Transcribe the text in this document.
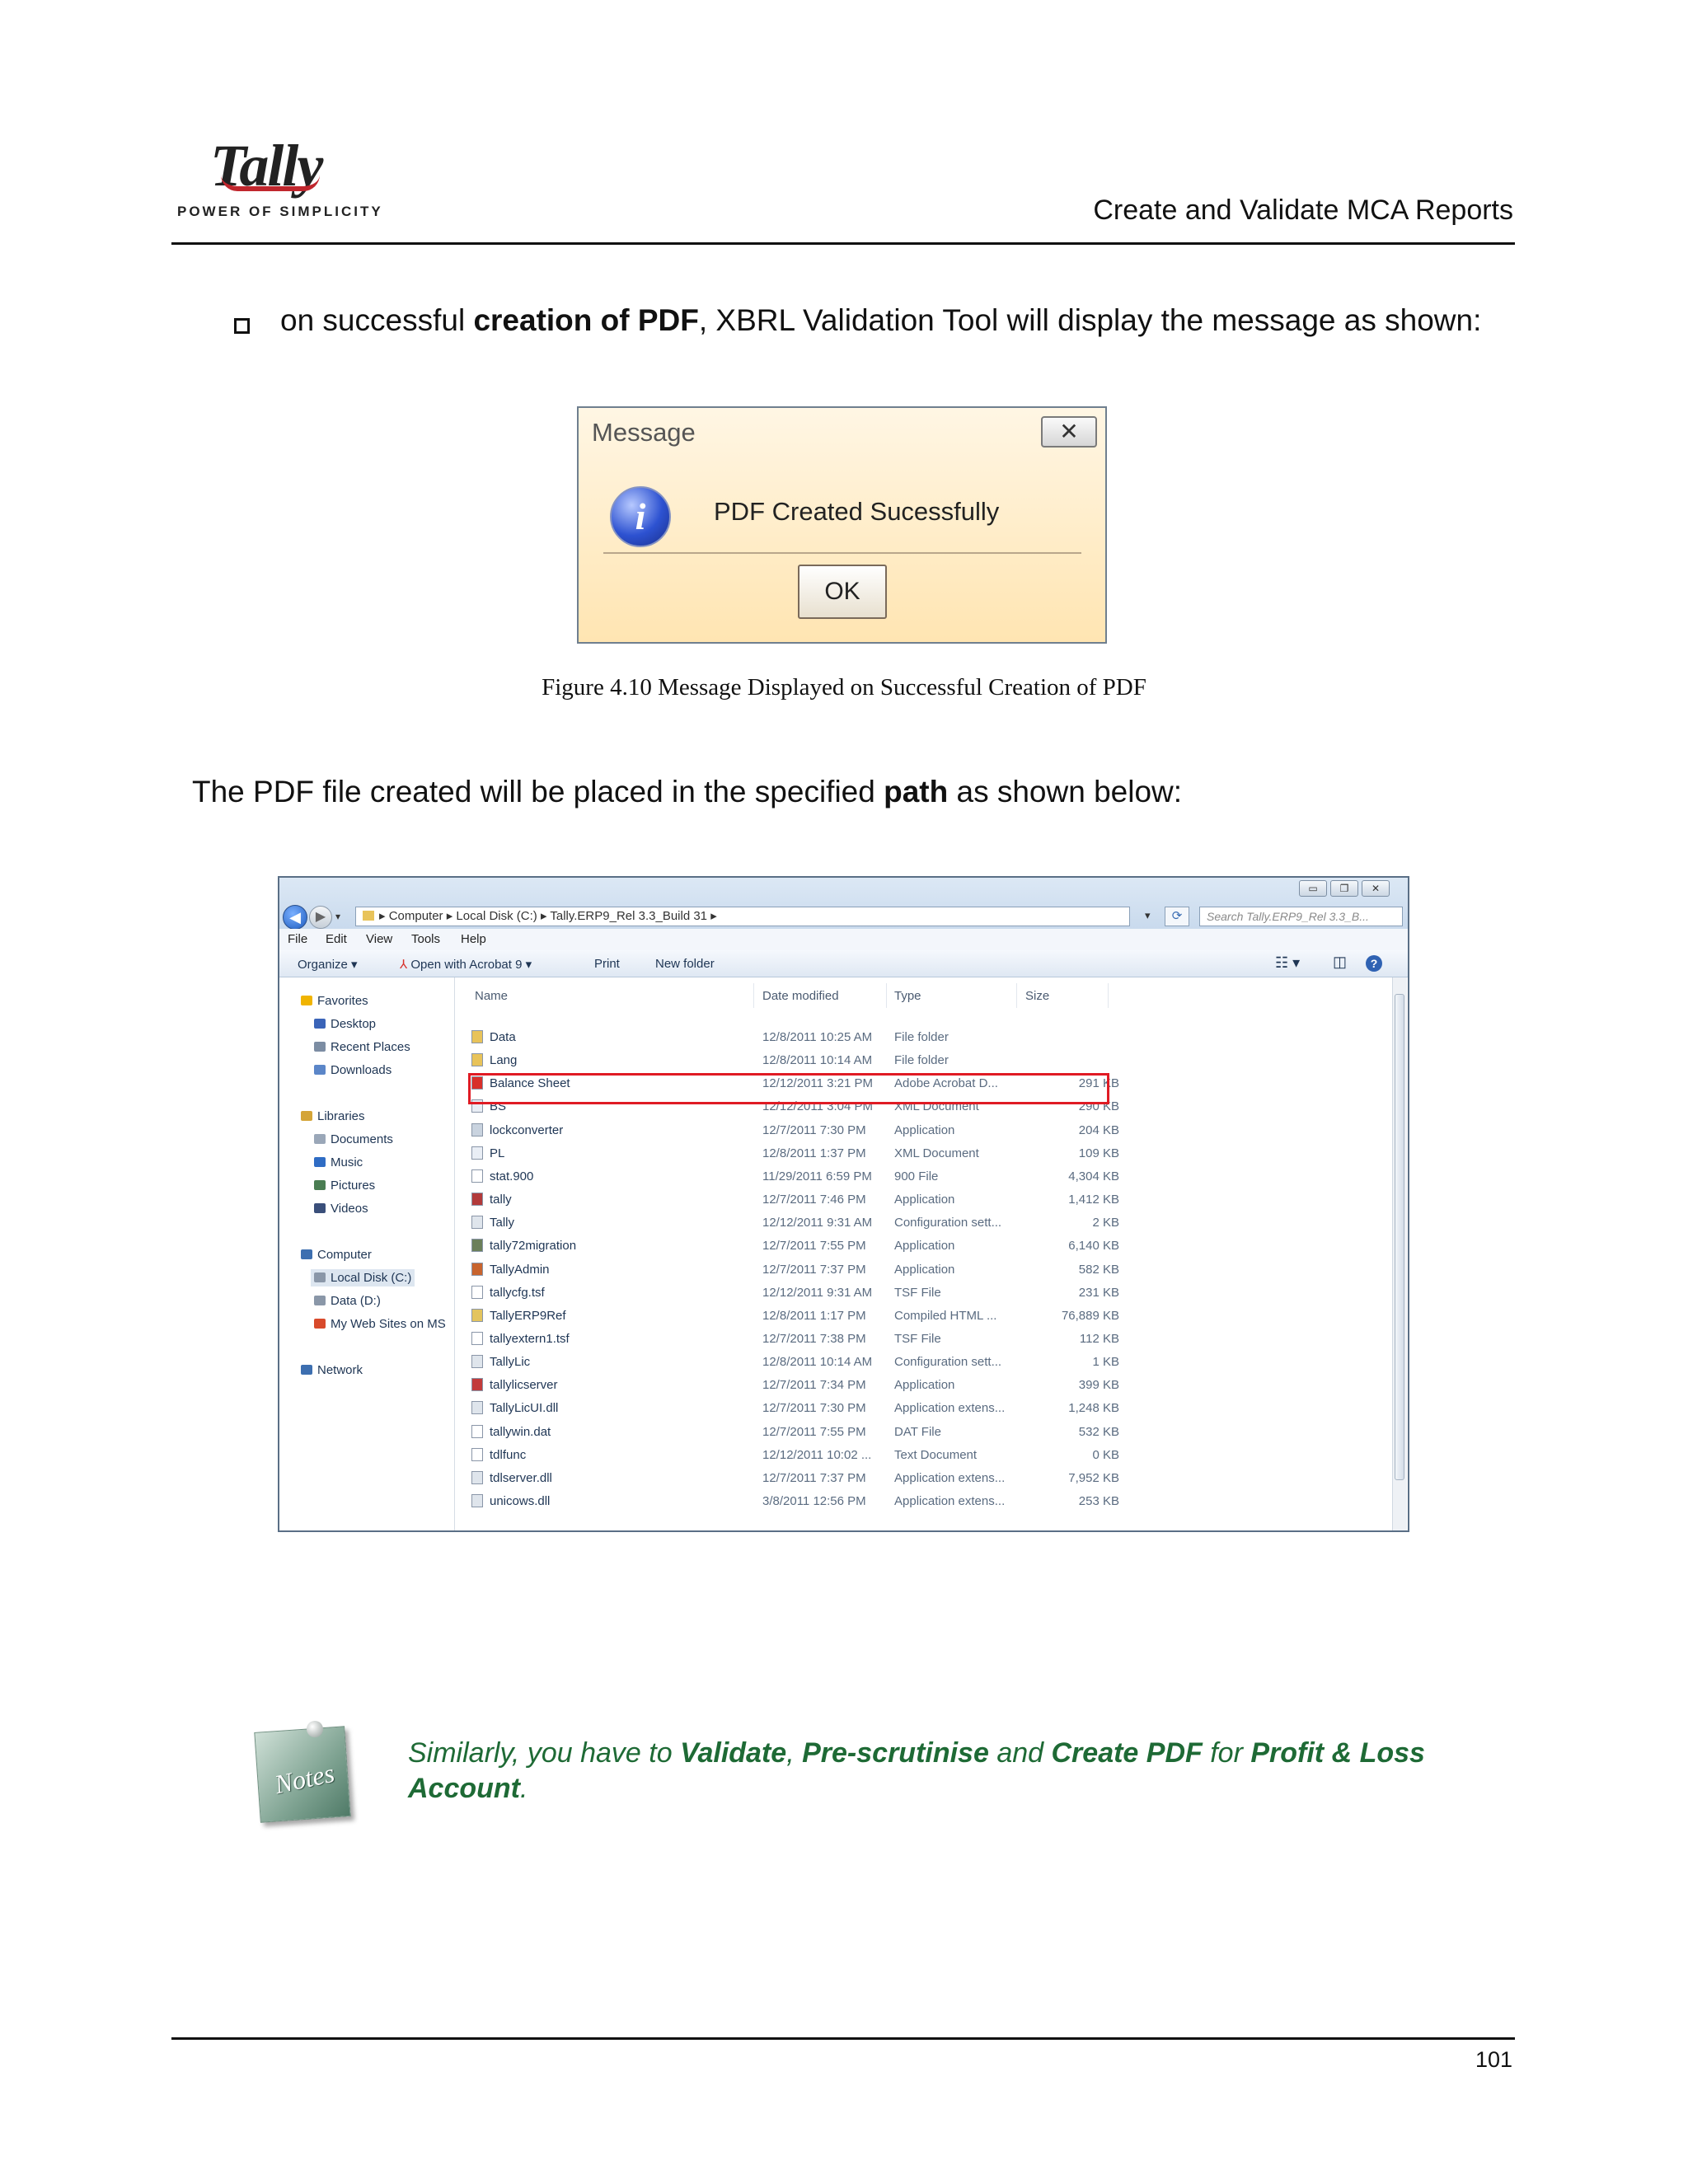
Tally
POWER OF SIMPLICITY	Create and Validate MCA Reports
on successful creation of PDF, XBRL Validation Tool will display the message as shown:
Message	✕
i	PDF Created Sucessfully
OK
Figure 4.10 Message Displayed on Successful Creation of PDF
The PDF file created will be placed in the specified path as shown below:
▭	❐	✕
◀	▶ ▾	▸ Computer ▸ Local Disk (C:) ▸ Tally.ERP9_Rel 3.3_Build 31 ▸	▾	⟳	Search Tally.ERP9_Rel 3.3_B...
File Edit View Tools Help
Organize ▾	⅄ Open with Acrobat 9 ▾	Print	New folder	☷ ▾ ◫	?
Favorites
Desktop
Recent Places
Downloads
Libraries
Documents
Music
Pictures
Videos
Computer
Local Disk (C:)
Data (D:)
My Web Sites on MS
Network
Name	Date modified	Type	Size
Data	12/8/2011 10:25 AM File folder
Lang	12/8/2011 10:14 AM File folder
Balance Sheet	12/12/2011 3:21 PM Adobe Acrobat D...	291 KB
BS	12/12/2011 3:04 PM XML Document	290 KB
lockconverter	12/7/2011 7:30 PM Application	204 KB
PL	12/8/2011 1:37 PM XML Document	109 KB
stat.900	11/29/2011 6:59 PM 900 File	4,304 KB
tally	12/7/2011 7:46 PM Application	1,412 KB
Tally	12/12/2011 9:31 AM Configuration sett...	2 KB
tally72migration	12/7/2011 7:55 PM Application	6,140 KB
TallyAdmin	12/7/2011 7:37 PM Application	582 KB
tallycfg.tsf	12/12/2011 9:31 AM TSF File	231 KB
TallyERP9Ref	12/8/2011 1:17 PM Compiled HTML ...	76,889 KB
tallyextern1.tsf	12/7/2011 7:38 PM TSF File	112 KB
TallyLic	12/8/2011 10:14 AM Configuration sett...	1 KB
tallylicserver	12/7/2011 7:34 PM Application	399 KB
TallyLicUI.dll	12/7/2011 7:30 PM Application extens...	1,248 KB
tallywin.dat	12/7/2011 7:55 PM DAT File	532 KB
tdlfunc	12/12/2011 10:02 ... Text Document	0 KB
tdlserver.dll	12/7/2011 7:37 PM Application extens...	7,952 KB
unicows.dll	3/8/2011 12:56 PM Application extens...	253 KB
Notes
Similarly, you have to Validate, Pre-scrutinise and Create PDF for Profit & Loss Account.
101
